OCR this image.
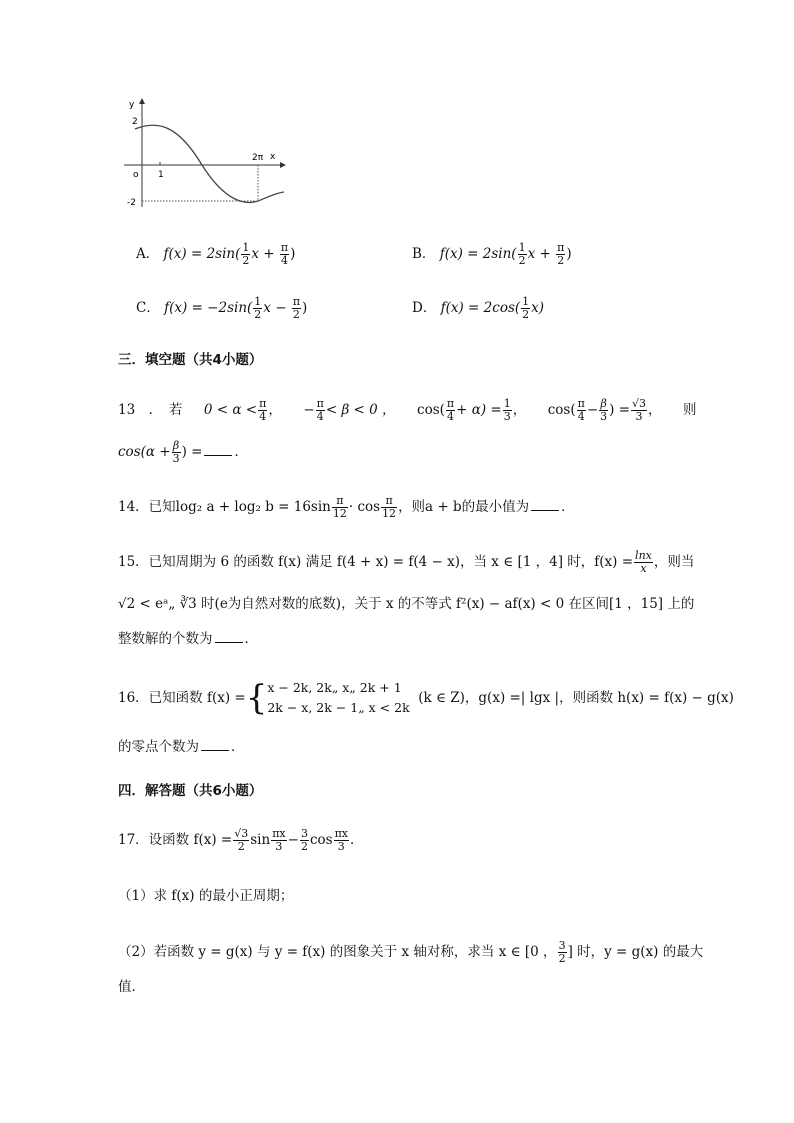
y
x
o 1
2
-2
2π
A． $f(x) = 2\sin( \frac{1}{2}$ $x + \frac{\pi}{4}$ )	B． $f(x) = 2\sin( \frac{1}{2}$ $x + \frac{\pi}{2}$ )
C． $f(x) = -2\sin( \frac{1}{2}$ $x - \frac{\pi}{2}$ )	D． $f(x) = 2\cos( \frac{1}{2} x)$
三．填空题（共4小题）
13　．　若 $0 < \alpha < \frac{\pi}{4}$ ， − $\frac{\pi}{4} < \beta < 0$ ， $\cos( \frac{\pi}{4} + \alpha) = \frac{1}{3}$ ， $\cos( \frac{\pi}{4} - \frac{\beta}{3}$ ) = $\frac{√3}{3}$ ， 则
$\cos(\alpha + \frac{\beta}{3}$ ) = ．
14．已知log₂ a + log₂ $b = 16\sin \frac{\pi}{12} \cdot \cos \frac{\pi}{12}$ ，则a + b的最小值为 ．
15．已知周期为 6 的函数 f(x) 满足 f(4 + x) = f(4 − x)，当 x ∈ [1 ，4] 时，$f(x) = \frac{\ln x}{x}$ ，则当
√2 < eᵃ„ ∛3 时(e为自然对数的底数)，关于 x 的不等式 f²(x) − af(x) < 0 在区间[1 ，15] 上的
整数解的个数为 ．
16．已知函数 f(x) ={ x − 2k, 2k„ x„ 2k + 1
2k − x, 2k − 1„ x < 2k
(k ∈ Z)，g(x) =| lgx |，则函数 h(x) = f(x) − g(x)
的零点个数为 ．
四．解答题（共6小题）
17．设函数 $f(x) = \frac{√3}{2}$ $\sin \frac{\pi x}{3} - \frac{3}{2}$ $\cos \frac{\pi x}{3}$ ．
（1）求 f(x) 的最小正周期；
（2）若函数 y = g(x) 与 y = f(x) 的图象关于 x 轴对称，求当 x ∈ [0 ， $\frac{3}{2}$ ] 时，y = g(x) 的最大
值．
